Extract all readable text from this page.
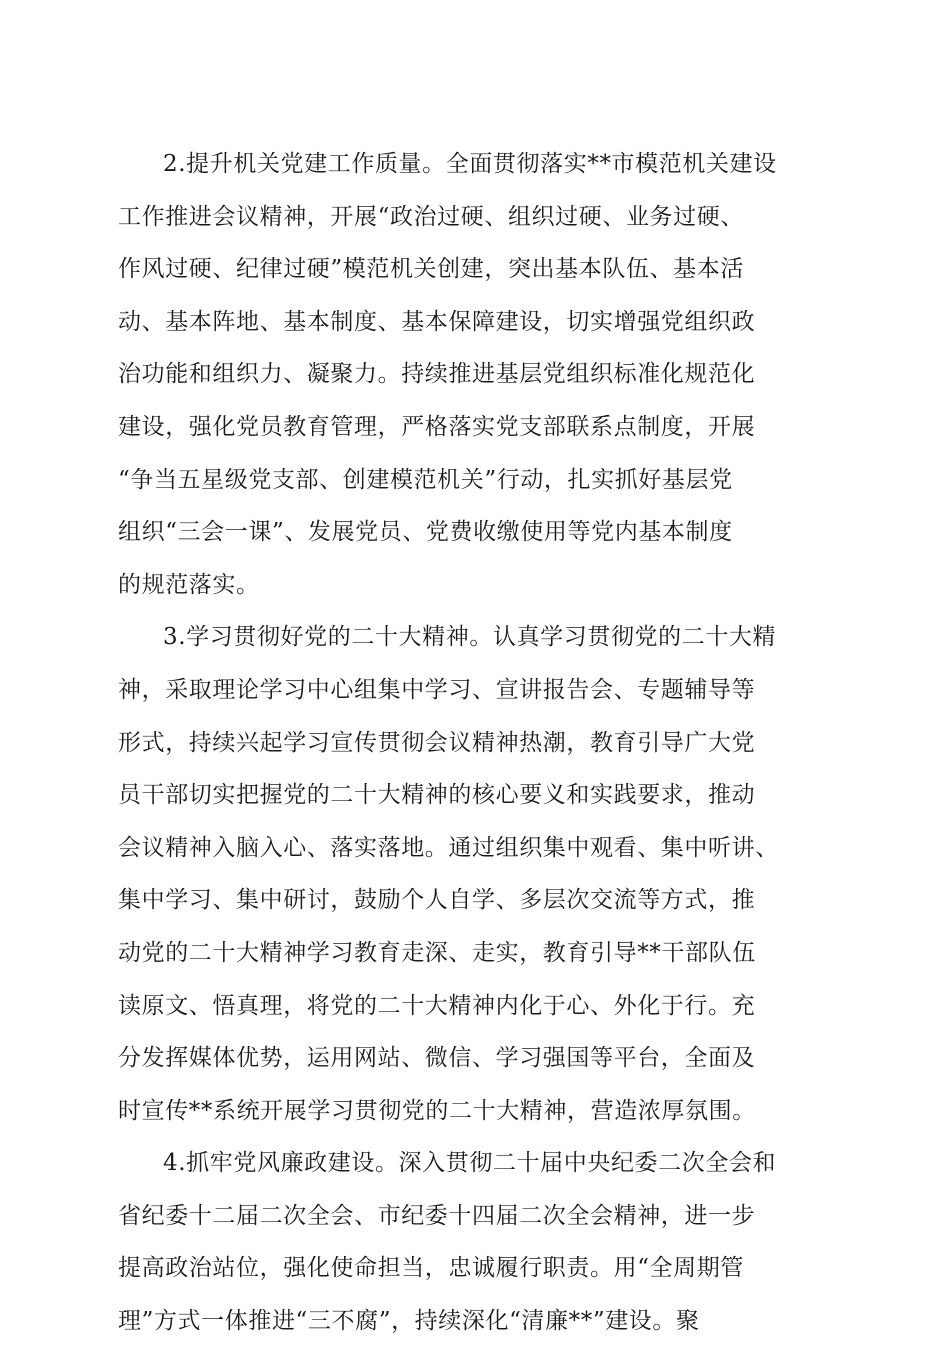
2.提升机关党建工作质量。全面贯彻落实**市模范机关建设
工作推进会议精神，开展“政治过硬、组织过硬、业务过硬、
作风过硬、纪律过硬”模范机关创建，突出基本队伍、基本活
动、基本阵地、基本制度、基本保障建设，切实增强党组织政
治功能和组织力、凝聚力。持续推进基层党组织标准化规范化
建设，强化党员教育管理，严格落实党支部联系点制度，开展
“争当五星级党支部、创建模范机关”行动，扎实抓好基层党
组织“三会一课”、发展党员、党费收缴使用等党内基本制度
的规范落实。
3.学习贯彻好党的二十大精神。认真学习贯彻党的二十大精
神，采取理论学习中心组集中学习、宣讲报告会、专题辅导等
形式，持续兴起学习宣传贯彻会议精神热潮，教育引导广大党
员干部切实把握党的二十大精神的核心要义和实践要求，推动
会议精神入脑入心、落实落地。通过组织集中观看、集中听讲、
集中学习、集中研讨，鼓励个人自学、多层次交流等方式，推
动党的二十大精神学习教育走深、走实，教育引导**干部队伍
读原文、悟真理，将党的二十大精神内化于心、外化于行。充
分发挥媒体优势，运用网站、微信、学习强国等平台，全面及
时宣传**系统开展学习贯彻党的二十大精神，营造浓厚氛围。
4.抓牢党风廉政建设。深入贯彻二十届中央纪委二次全会和
省纪委十二届二次全会、市纪委十四届二次全会精神，进一步
提高政治站位，强化使命担当，忠诚履行职责。用“全周期管
理”方式一体推进“三不腐”，持续深化“清廉**”建设。聚
